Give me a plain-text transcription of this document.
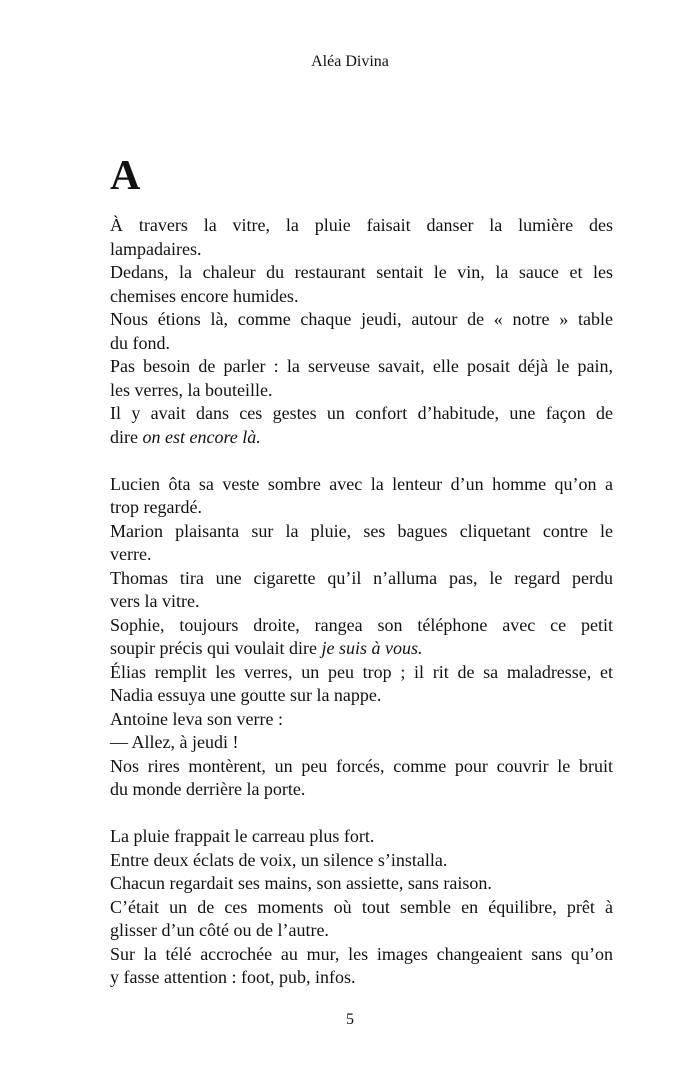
Aléa Divina
A
À travers la vitre, la pluie faisait danser la lumière des
lampadaires.
Dedans, la chaleur du restaurant sentait le vin, la sauce et les
chemises encore humides.
Nous étions là, comme chaque jeudi, autour de « notre » table
du fond.
Pas besoin de parler : la serveuse savait, elle posait déjà le pain,
les verres, la bouteille.
Il y avait dans ces gestes un confort d’habitude, une façon de
dire on est encore là.
Lucien ôta sa veste sombre avec la lenteur d’un homme qu’on a
trop regardé.
Marion plaisanta sur la pluie, ses bagues cliquetant contre le
verre.
Thomas tira une cigarette qu’il n’alluma pas, le regard perdu
vers la vitre.
Sophie, toujours droite, rangea son téléphone avec ce petit
soupir précis qui voulait dire je suis à vous.
Élias remplit les verres, un peu trop ; il rit de sa maladresse, et
Nadia essuya une goutte sur la nappe.
Antoine leva son verre :
— Allez, à jeudi !
Nos rires montèrent, un peu forcés, comme pour couvrir le bruit
du monde derrière la porte.
La pluie frappait le carreau plus fort.
Entre deux éclats de voix, un silence s’installa.
Chacun regardait ses mains, son assiette, sans raison.
C’était un de ces moments où tout semble en équilibre, prêt à
glisser d’un côté ou de l’autre.
Sur la télé accrochée au mur, les images changeaient sans qu’on
y fasse attention : foot, pub, infos.
5
